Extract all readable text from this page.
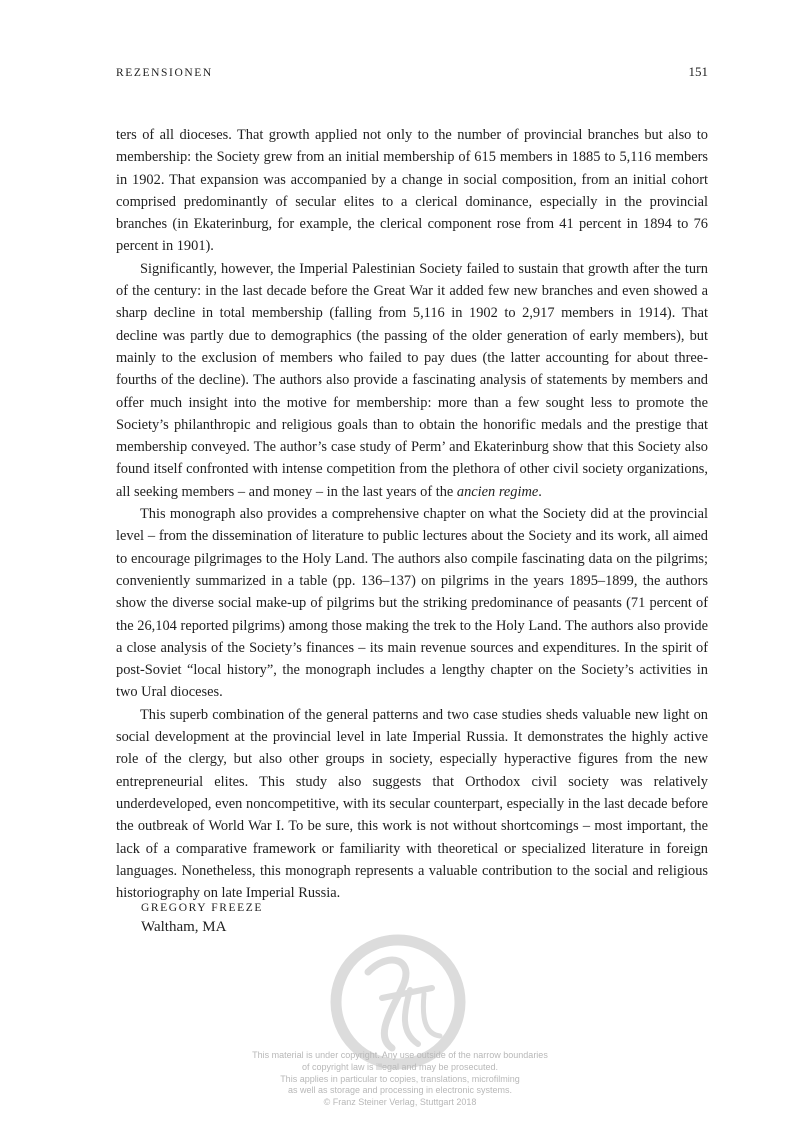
REZENSIONEN	151

ters of all dioceses. That growth applied not only to the number of provincial branches but also to membership: the Society grew from an initial membership of 615 members in 1885 to 5,116 members in 1902. That expansion was accompanied by a change in social composition, from an initial cohort comprised predominantly of secular elites to a clerical dominance, especially in the provincial branches (in Ekaterinburg, for example, the clerical component rose from 41 percent in 1894 to 76 percent in 1901).

Significantly, however, the Imperial Palestinian Society failed to sustain that growth after the turn of the century: in the last decade before the Great War it added few new branches and even showed a sharp decline in total membership (falling from 5,116 in 1902 to 2,917 members in 1914). That decline was partly due to demographics (the passing of the older generation of early members), but mainly to the exclusion of members who failed to pay dues (the latter accounting for about three-fourths of the decline). The authors also provide a fascinating analysis of statements by members and offer much insight into the motive for membership: more than a few sought less to promote the Society’s philanthropic and religious goals than to obtain the honorific medals and the prestige that membership conveyed. The author’s case study of Perm’ and Ekaterinburg show that this Society also found itself confronted with intense competition from the plethora of other civil society organizations, all seeking members – and money – in the last years of the ancien regime.

This monograph also provides a comprehensive chapter on what the Society did at the provincial level – from the dissemination of literature to public lectures about the Society and its work, all aimed to encourage pilgrimages to the Holy Land. The authors also compile fascinating data on the pilgrims; conveniently summarized in a table (pp. 136–137) on pilgrims in the years 1895–1899, the authors show the diverse social make-up of pilgrims but the striking predominance of peasants (71 percent of the 26,104 reported pilgrims) among those making the trek to the Holy Land. The authors also provide a close analysis of the Society’s finances – its main revenue sources and expenditures. In the spirit of post-Soviet “local history”, the monograph includes a lengthy chapter on the Society’s activities in two Ural dioceses.

This superb combination of the general patterns and two case studies sheds valuable new light on social development at the provincial level in late Imperial Russia. It demonstrates the highly active role of the clergy, but also other groups in society, especially hyperactive figures from the new entrepreneurial elites. This study also suggests that Orthodox civil society was relatively underdeveloped, even noncompetitive, with its secular counterpart, especially in the last decade before the outbreak of World War I. To be sure, this work is not without shortcomings – most important, the lack of a comparative framework or familiarity with theoretical or specialized literature in foreign languages. Nonetheless, this monograph represents a valuable contribution to the social and religious historiography on late Imperial Russia.

GREGORY FREEZE
Waltham, MA
This material is under copyright. Any use outside of the narrow boundaries
of copyright law is illegal and may be prosecuted.
This applies in particular to copies, translations, microfilming
as well as storage and processing in electronic systems.
© Franz Steiner Verlag, Stuttgart 2018
